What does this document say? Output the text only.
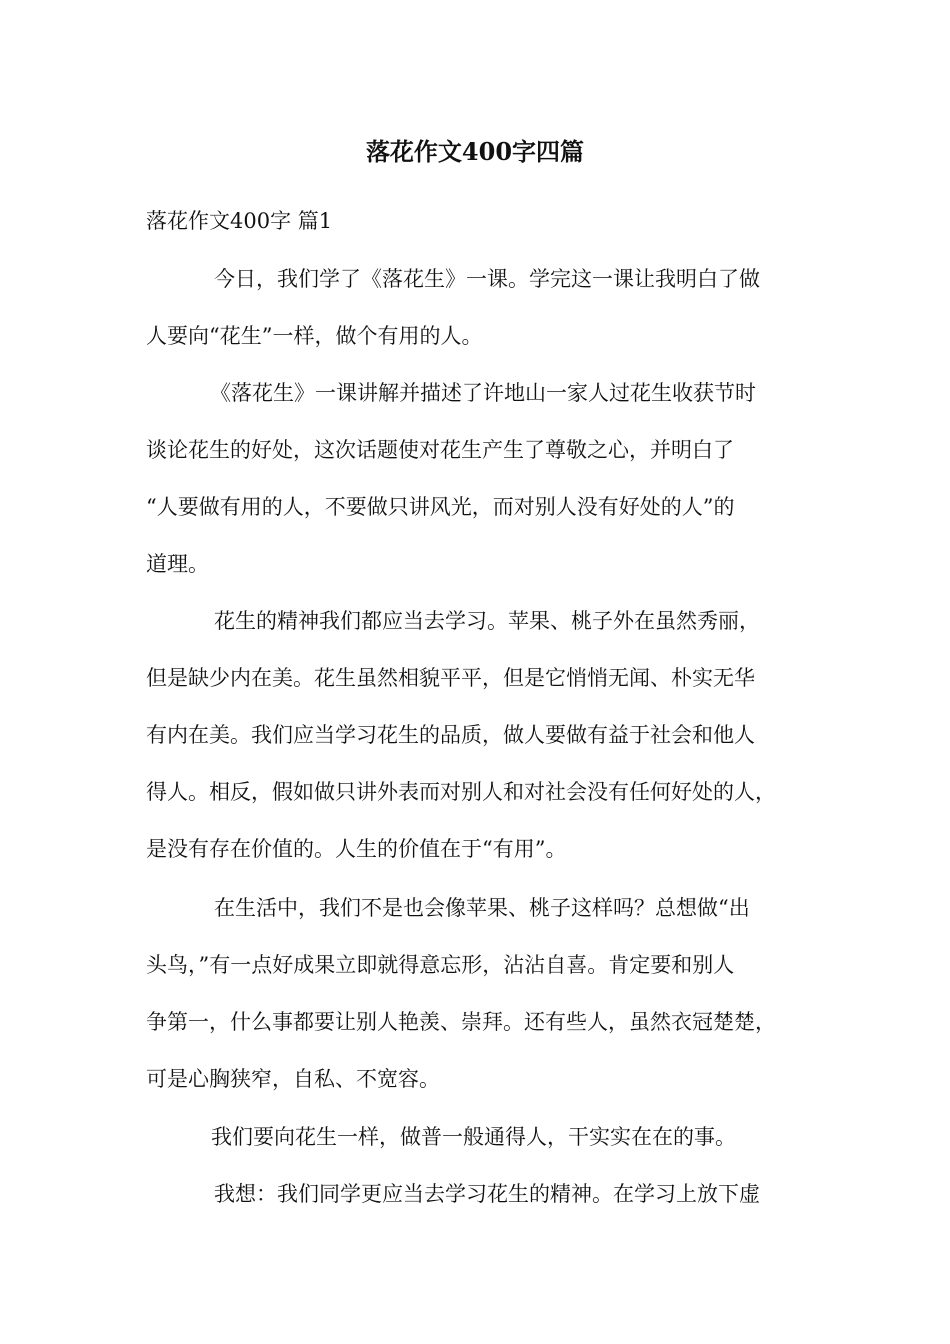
落花作文400字四篇
落花作文400字 篇1
今日，我们学了《落花生》一课。学完这一课让我明白了做
人要向“花生”一样，做个有用的人。
《落花生》一课讲解并描述了许地山一家人过花生收获节时
谈论花生的好处，这次话题使对花生产生了尊敬之心，并明白了
“人要做有用的人，不要做只讲风光，而对别人没有好处的人”的
道理。
花生的精神我们都应当去学习。苹果、桃子外在虽然秀丽，
但是缺少内在美。花生虽然相貌平平，但是它悄悄无闻、朴实无华
有内在美。我们应当学习花生的品质，做人要做有益于社会和他人
得人。相反，假如做只讲外表而对别人和对社会没有任何好处的人，
是没有存在价值的。人生的价值在于“有用”。
在生活中，我们不是也会像苹果、桃子这样吗？总想做“出
头鸟，”有一点好成果立即就得意忘形，沾沾自喜。肯定要和别人
争第一，什么事都要让别人艳羡、崇拜。还有些人，虽然衣冠楚楚，
可是心胸狭窄，自私、不宽容。
我们要向花生一样，做普一般通得人，干实实在在的事。
我想：我们同学更应当去学习花生的精神。在学习上放下虚
